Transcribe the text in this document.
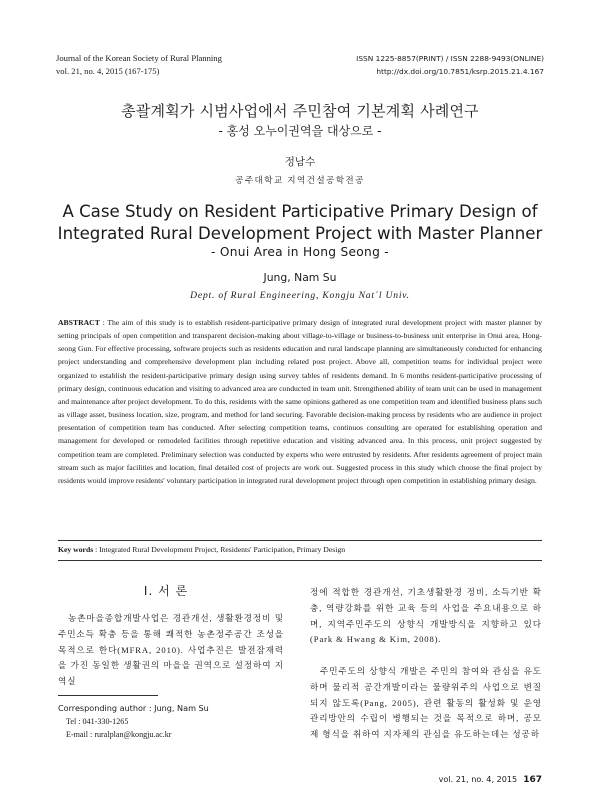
Journal of the Korean Society of Rural Planning
vol. 21, no. 4, 2015 (167-175)
ISSN 1225-8857(PRINT) / ISSN 2288-9493(ONLINE)
http://dx.doi.org/10.7851/ksrp.2015.21.4.167
총괄계획가 시범사업에서 주민참여 기본계획 사례연구
- 홍성 오누이권역을 대상으로 -
정남수
공주대학교 지역건설공학전공
A Case Study on Resident Participative Primary Design of
Integrated Rural Development Project with Master Planner
- Onui Area in Hong Seong -
Jung, Nam Su
Dept. of Rural Engineering, Kongju Nat´l Univ.
ABSTRACT : The aim of this study is to establish resident-participative primary design of integrated rural development project with master planner by setting principals of open competition and transparent decision-making about village-to-village or business-to-business unit enterprise in Onui area, Hong-seong Gun. For effective processing, software projects such as residents education and rural landscape planning are simultaneously conducted for enhancing project understanding and comprehensive development plan including related post project. Above all, competition teams for individual project were organized to establish the resident-participative primary design using survey tables of residents demand. In 6 months resident-participative processing of primary design, continuous education and visiting to advanced area are conducted in team unit. Strengthened ability of team unit can be used in management and maintenance after project development. To do this, residents with the same opinions gathered as one competition team and identified business plans such as village asset, business location, size, program, and method for land securing. Favorable decision-making process by residents who are audience in project presentation of competition team has conducted. After selecting competition teams, continuos consulting are operated for establishing operation and management for developed or remodeled facilities through repetitive education and visiting advanced area. In this process, unit project suggested by competition team are completed. Preliminary selection was conducted by experts who were entrusted by residents. After residents agreement of project main stream such as major facilities and location, final detailed cost of projects are work out. Suggested process in this study which choose the final project by residents would improve residents' voluntary participation in integrated rural development project through open competition in establishing primary design.
Key words : Integrated Rural Development Project, Residents' Participation, Primary Design
I. 서 론
농촌마을종합개발사업은 경관개선, 생활환경정비 및 주민소득 확충 등을 통해 쾌적한 농촌정주공간 조성을 목적으로 한다(MFRA, 2010). 사업추진은 발전잠재력을 가진 동일한 생활권의 마을을 권역으로 설정하여 지역실
정에 적합한 경관개선, 기초생활환경 정비, 소득기반 확충, 역량강화를 위한 교육 등의 사업을 주요내용으로 하며, 지역주민주도의 상향식 개발방식을 지향하고 있다 (Park & Hwang & Kim, 2008).
주민주도의 상향식 개발은 주민의 참여와 관심을 유도하며 물리적 공간개발이라는 물량위주의 사업으로 변질되지 않도록(Pang, 2005), 관련 활동의 활성화 및 운영관리방안의 수립이 병행되는 것을 목적으로 하며, 공모제 형식을 취하여 지자체의 관심을 유도하는데는 성공하
Corresponding author : Jung, Nam Su
Tel : 041-330-1265
E-mail : ruralplan@kongju.ac.kr
vol. 21, no. 4, 2015 167
